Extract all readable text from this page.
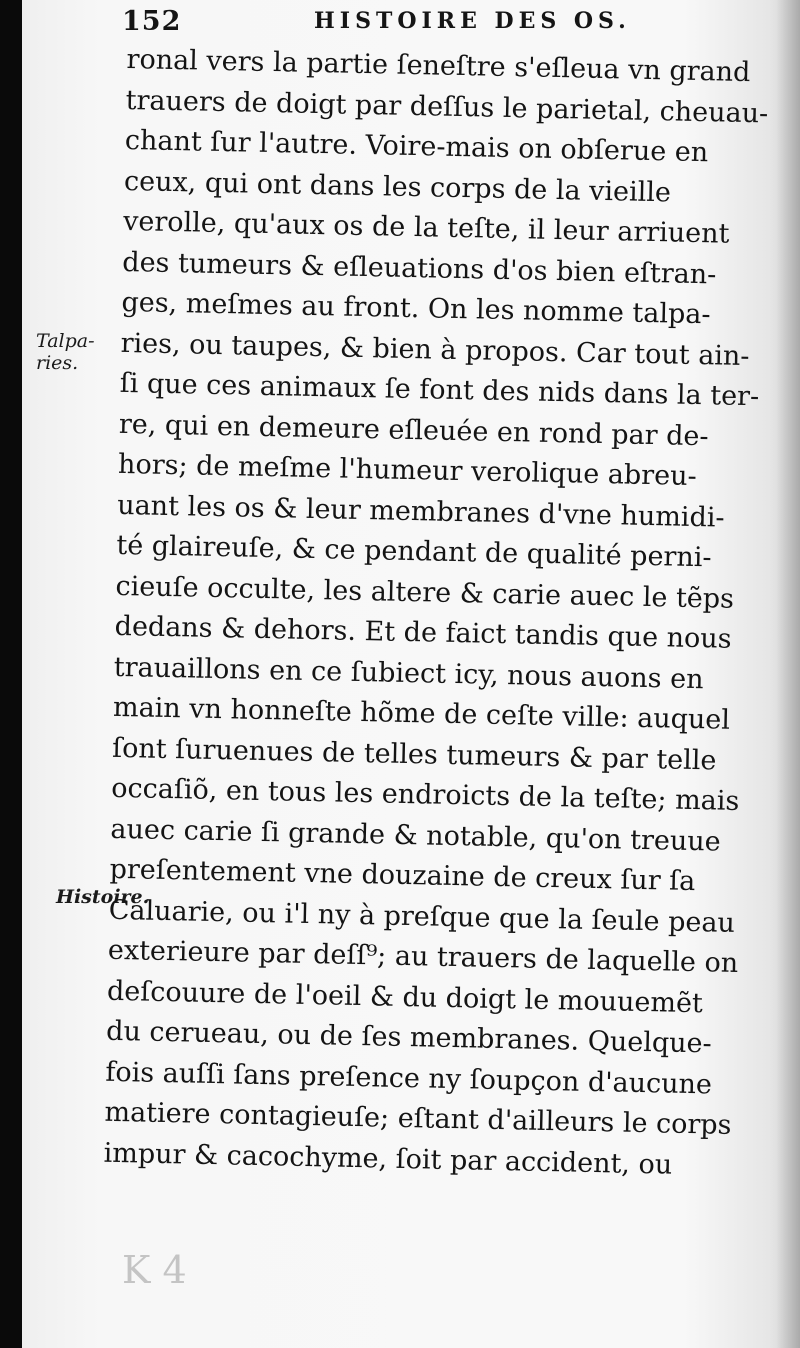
K 4
152	HISTOIRE DES OS.
Talpa-
ries.
Histoire.
ronal vers la partie ſeneſtre s'eſleua vn grand
trauers de doigt par deſſus le parietal, cheuau-
chant ſur l'autre. Voire-mais on obſerue en
ceux, qui ont dans les corps de la vieille
verolle, qu'aux os de la teſte, il leur arriuent
des tumeurs & eſleuations d'os bien eſtran-
ges, meſmes au front. On les nomme talpa-
ries, ou taupes, & bien à propos. Car tout ain-
ſi que ces animaux ſe font des nids dans la ter-
re, qui en demeure eſleuée en rond par de-
hors; de meſme l'humeur verolique abreu-
uant les os & leur membranes d'vne humidi-
té glaireuſe, & ce pendant de qualité perni-
cieuſe occulte, les altere & carie auec le tẽps
dedans & dehors. Et de faict tandis que nous
trauaillons en ce ſubiect icy, nous auons en
main vn honneſte hõme de ceſte ville: auquel
ſont ſuruenues de telles tumeurs & par telle
occaſiõ, en tous les endroicts de la teſte; mais
auec carie ſi grande & notable, qu'on treuue
preſentement vne douzaine de creux ſur ſa
Caluarie, ou i'l ny à preſque que la ſeule peau
exterieure par deſſ⁹; au trauers de laquelle on
deſcouure de l'oeil & du doigt le mouuemẽt
du cerueau, ou de ſes membranes. Quelque-
fois auſſi ſans preſence ny ſoupçon d'aucune
matiere contagieuſe; eſtant d'ailleurs le corps
impur & cacochyme, ſoit par accident, ou
